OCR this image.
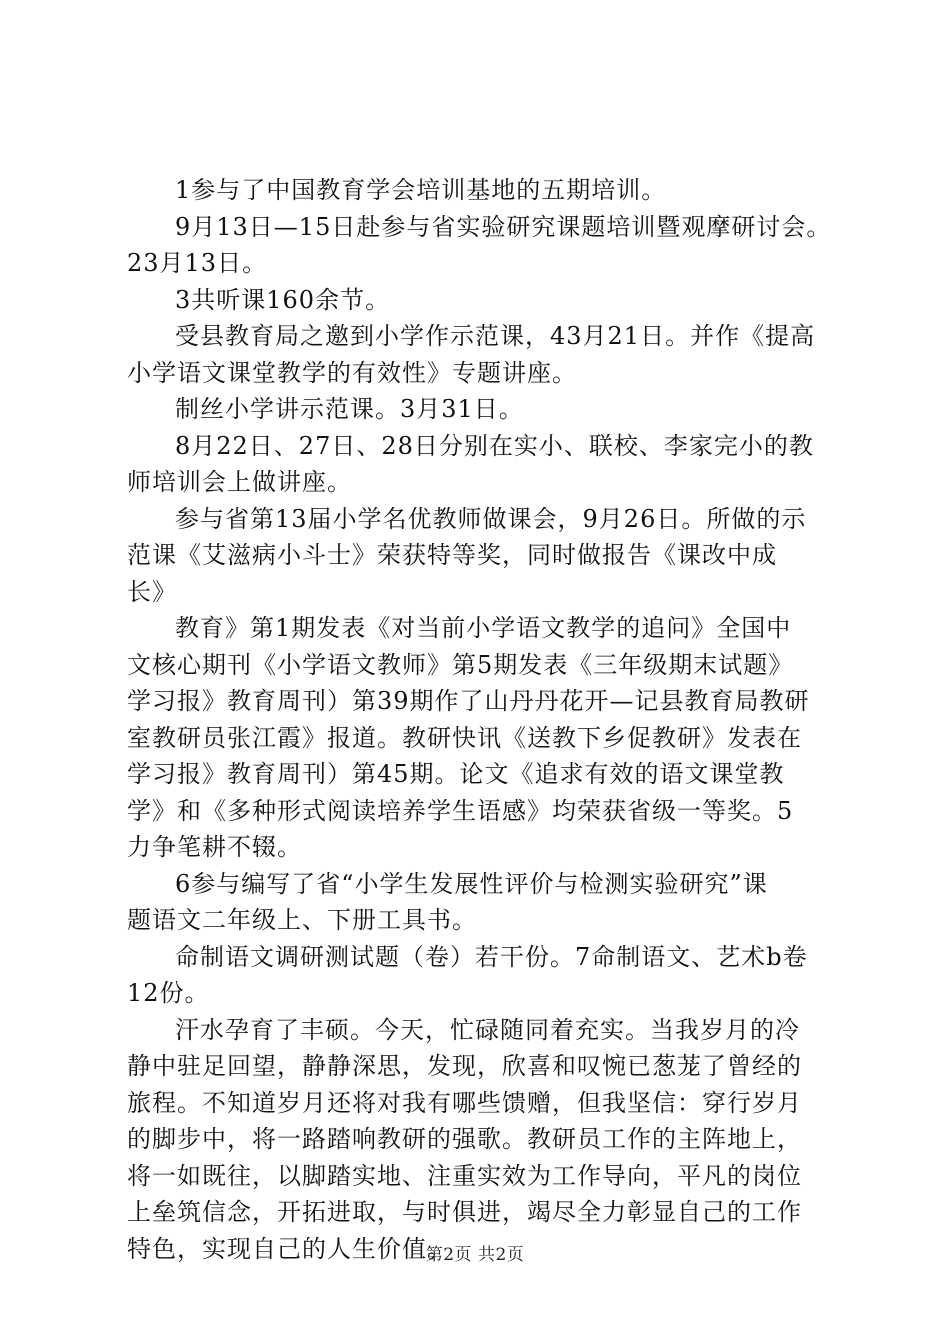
1参与了中国教育学会培训基地的五期培训。
9月13日—15日赴参与省实验研究课题培训暨观摩研讨会。
23月13日。
3共听课160余节。
受县教育局之邀到小学作示范课，43月21日。并作《提高
小学语文课堂教学的有效性》专题讲座。
制丝小学讲示范课。3月31日。
8月22日、27日、28日分别在实小、联校、李家完小的教
师培训会上做讲座。
参与省第13届小学名优教师做课会，9月26日。所做的示
范课《艾滋病小斗士》荣获特等奖，同时做报告《课改中成
长》
教育》第1期发表《对当前小学语文教学的追问》全国中
文核心期刊《小学语文教师》第5期发表《三年级期末试题》
学习报》教育周刊）第39期作了山丹丹花开—记县教育局教研
室教研员张江霞》报道。教研快讯《送教下乡促教研》发表在
学习报》教育周刊）第45期。论文《追求有效的语文课堂教
学》和《多种形式阅读培养学生语感》均荣获省级一等奖。5
力争笔耕不辍。
6参与编写了省“小学生发展性评价与检测实验研究”课
题语文二年级上、下册工具书。
命制语文调研测试题（卷）若干份。7命制语文、艺术b卷
12份。
汗水孕育了丰硕。今天，忙碌随同着充实。当我岁月的冷
静中驻足回望，静静深思，发现，欣喜和叹惋已葱茏了曾经的
旅程。不知道岁月还将对我有哪些馈赠，但我坚信：穿行岁月
的脚步中，将一路踏响教研的强歌。教研员工作的主阵地上，
将一如既往，以脚踏实地、注重实效为工作导向，平凡的岗位
上垒筑信念，开拓进取，与时俱进，竭尽全力彰显自己的工作
特色，实现自己的人生价值。
第2页 共2页
